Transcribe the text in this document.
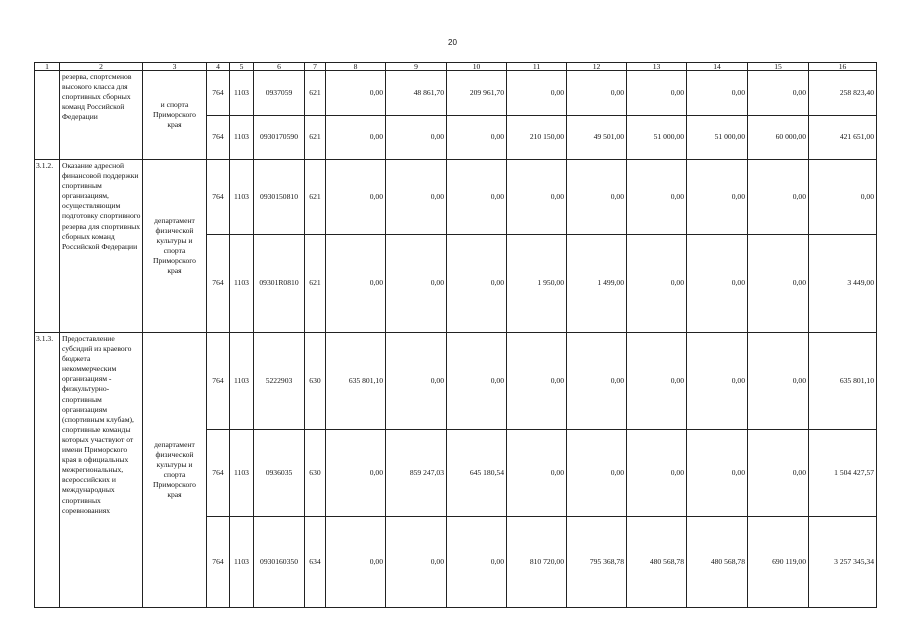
20
1	2	3	4	5	6	7	8	9	10	11	12	13	14	15	16
	резерва, спортсменов высокого класса для спортивных сборных команд Российской Федерации	и спорта Приморского края	764	1103	0937059	621	0,00	48 861,70	209 961,70	0,00	0,00	0,00	0,00	0,00	258 823,40
			764	1103	0930170590	621	0,00	0,00	0,00	210 150,00	49 501,00	51 000,00	51 000,00	60 000,00	421 651,00
3.1.2.	Оказание адресной финансовой поддержки спортивным организациям, осуществляющим подготовку спортивного резерва для спортивных сборных команд Российской Федерации	департамент физической культуры и спорта Приморского края	764	1103	0930150810	621	0,00	0,00	0,00	0,00	0,00	0,00	0,00	0,00	0,00
			764	1103	09301R0810	621	0,00	0,00	0,00	1 950,00	1 499,00	0,00	0,00	0,00	3 449,00
3.1.3.	Предоставление субсидий из краевого бюджета некоммерческим организациям - физкультурно-спортивным организациям (спортивным клубам), спортивные команды которых участвуют от имени Приморского края в официальных межрегиональных, всероссийских и международных спортивных соревнованиях	департамент физической культуры и спорта Приморского края	764	1103	5222903	630	635 801,10	0,00	0,00	0,00	0,00	0,00	0,00	0,00	635 801,10
			764	1103	0936035	630	0,00	859 247,03	645 180,54	0,00	0,00	0,00	0,00	0,00	1 504 427,57
			764	1103	0930160350	634	0,00	0,00	0,00	810 720,00	795 368,78	480 568,78	480 568,78	690 119,00	3 257 345,34
